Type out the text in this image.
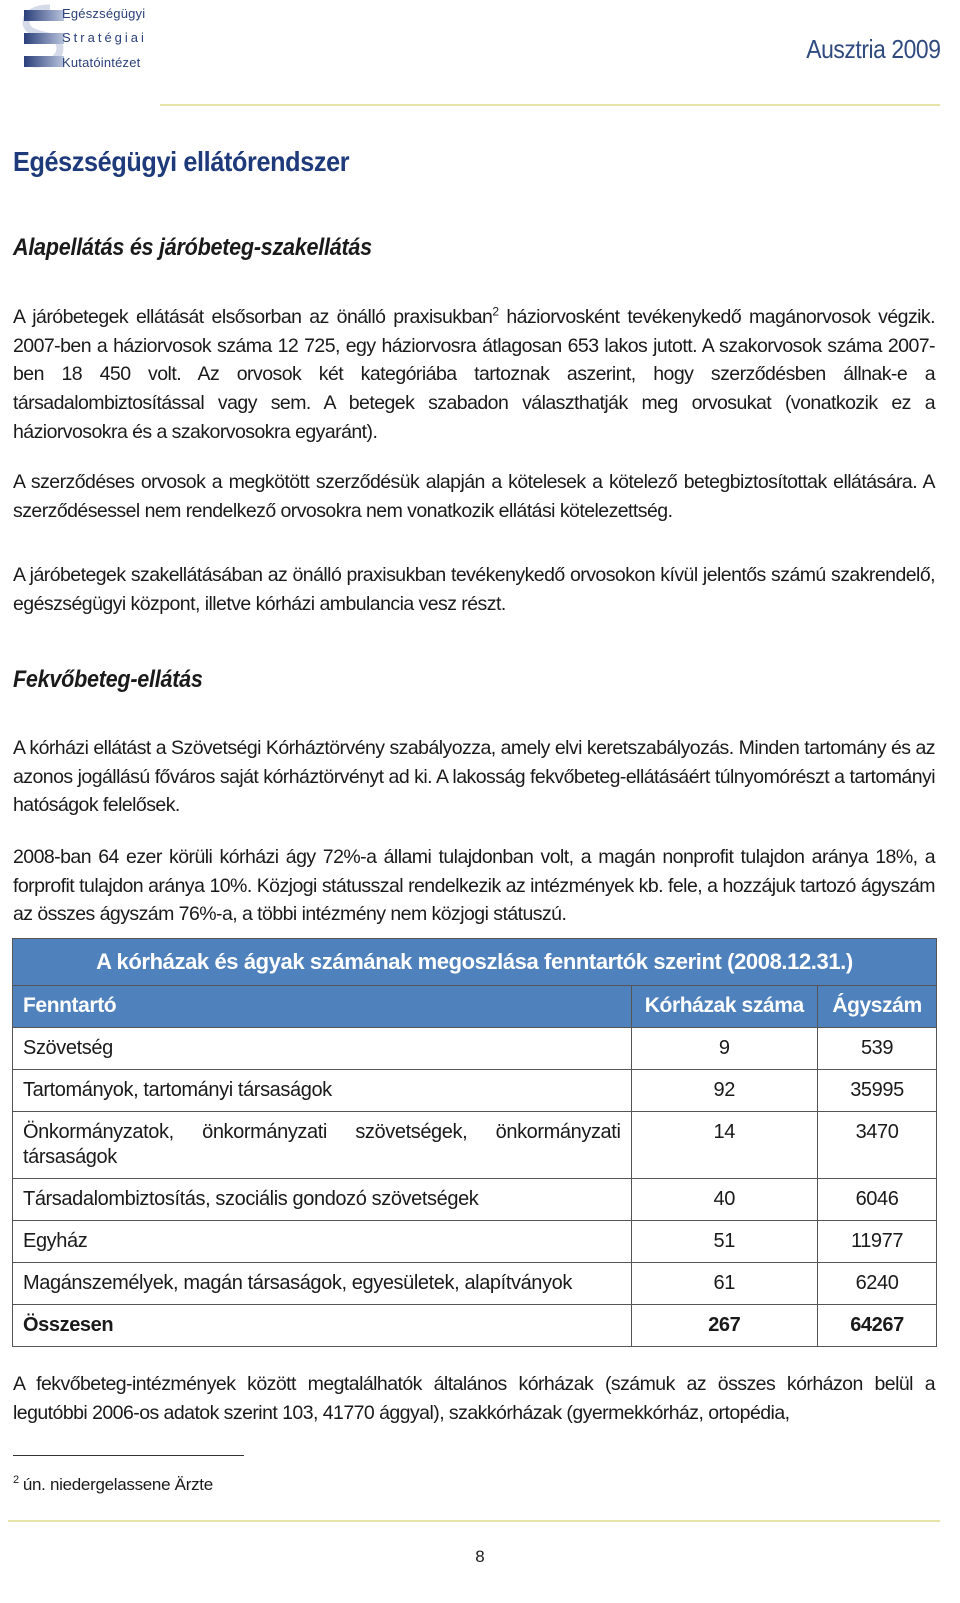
Egészségügyi
Stratégiai
Kutatóintézet	Ausztria 2009
Egészségügyi ellátórendszer
Alapellátás és járóbeteg-szakellátás

A járóbetegek ellátását elsősorban az önálló praxisukban$^2$ háziorvosként tevékenykedő magánorvosok végzik. 2007-ben a háziorvosok száma 12 725, egy háziorvosra átlagosan 653 lakos jutott. A szakorvosok száma 2007-ben 18 450 volt. Az orvosok két kategóriába tartoznak aszerint, hogy szerződésben állnak-e a társadalombiztosítással vagy sem. A betegek szabadon választhatják meg orvosukat (vonatkozik ez a háziorvosokra és a szakorvosokra egyaránt).

A szerződéses orvosok a megkötött szerződésük alapján a kötelesek a kötelező betegbiztosítottak ellátására. A szerződésessel nem rendelkező orvosokra nem vonatkozik ellátási kötelezettség.

A járóbetegek szakellátásában az önálló praxisukban tevékenykedő orvosokon kívül jelentős számú szakrendelő, egészségügyi központ, illetve kórházi ambulancia vesz részt.

Fekvőbeteg-ellátás

A kórházi ellátást a Szövetségi Kórháztörvény szabályozza, amely elvi keretszabályozás. Minden tartomány és az azonos jogállású főváros saját kórháztörvényt ad ki. A lakosság fekvőbeteg-ellátásáért túlnyomórészt a tartományi hatóságok felelősek.

2008-ban 64 ezer körüli kórházi ágy 72%-a állami tulajdonban volt, a magán nonprofit tulajdon aránya 18%, a forprofit tulajdon aránya 10%. Közjogi státusszal rendelkezik az intézmények kb. fele, a hozzájuk tartozó ágyszám az összes ágyszám 76%-a, a többi intézmény nem közjogi státuszú.

A fekvőbeteg-intézmények között megtalálhatók általános kórházak (számuk az összes kórházon belül a legutóbbi 2006-os adatok szerint 103, 41770 ággyal), szakkórházak (gyermekkórház, ortopédia,

A kórházak és ágyak számának megoszlása fenntartók szerint (2008.12.31.)		
Fenntartó	Kórházak száma	Ágyszám
Szövetség	9	539
Tartományok, tartományi társaságok	92	35995
Önkormányzatok, önkormányzati szövetségek, önkormányzati társaságok	14	3470
Társadalombiztosítás, szociális gondozó szövetségek	40	6046
Egyház	51	11977
Magánszemélyek, magán társaságok, egyesületek, alapítványok	61	6240
Összesen	267	64267
$^2$ ún. niedergelassene Ärzte
8
